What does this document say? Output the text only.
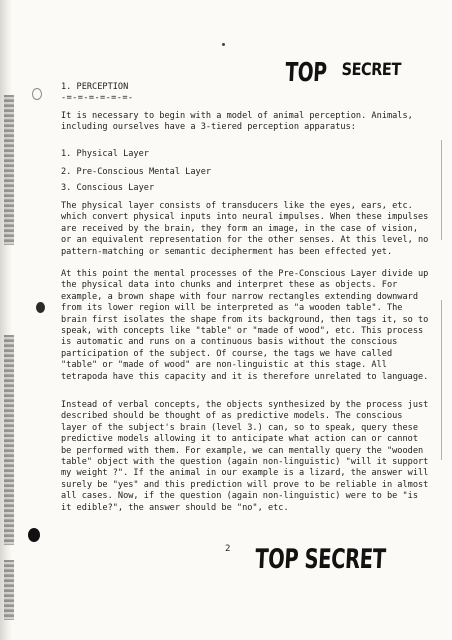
TOP SECRET
1. PERCEPTION
-=-=-=-=-=-=-

It is necessary to begin with a model of animal perception. Animals, including ourselves have a 3-tiered perception apparatus:

1. Physical Layer
2. Pre-Conscious Mental Layer
3. Conscious Layer

The physical layer consists of transducers like the eyes, ears, etc. which convert physical inputs into neural impulses. When these impulses are received by the brain, they form an image, in the case of vision, or an equivalent representation for the other senses. At this level, no pattern-matching or semantic decipherment has been effected yet.

At this point the mental processes of the Pre-Conscious Layer divide up the physical data into chunks and interpret these as objects. For example, a brown shape with four narrow rectangles extending downward from its lower region will be interpreted as "a wooden table". The brain first isolates the shape from its background, then tags it, so to speak, with concepts like "table" or "made of wood", etc. This process is automatic and runs on a continuous basis without the conscious participation of the subject. Of course, the tags we have called "table" or "made of wood" are non-linguistic at this stage. All tetrapoda have this capacity and it is therefore unrelated to language.

Instead of verbal concepts, the objects synthesized by the process just described should be thought of as predictive models. The conscious layer of the subject's brain (level 3.) can, so to speak, query these predictive models allowing it to anticipate what action can or cannot be performed with them. For example, we can mentally query the "wooden table" object with the question (again non-linguistic) "will it support my weight ?". If the animal in our example is a lizard, the answer will surely be "yes" and this prediction will prove to be reliable in almost all cases. Now, if the question (again non-linguistic) were to be "is it edible?", the answer should be "no", etc.

2 TOP SECRET
